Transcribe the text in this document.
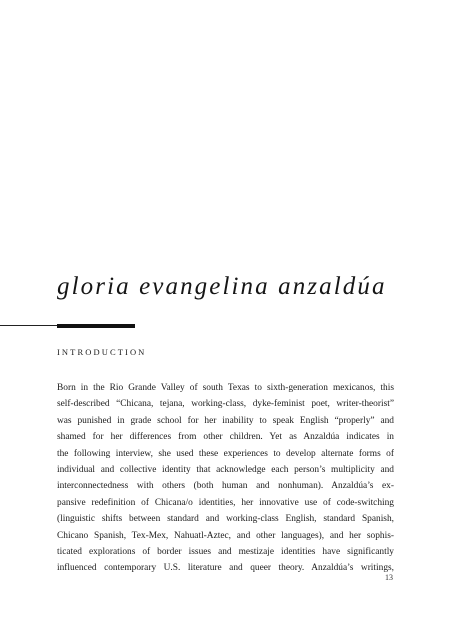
gloria evangelina anzaldúa
INTRODUCTION
Born in the Rio Grande Valley of south Texas to sixth-generation mexicanos, this
self-described “Chicana, tejana, working-class, dyke-feminist poet, writer-theorist”
was punished in grade school for her inability to speak English “properly” and
shamed for her differences from other children. Yet as Anzaldúa indicates in
the following interview, she used these experiences to develop alternate forms of
individual and collective identity that acknowledge each person’s multiplicity and
interconnectedness with others (both human and nonhuman). Anzaldúa’s ex-
pansive redefinition of Chicana/o identities, her innovative use of code-switching
(linguistic shifts between standard and working-class English, standard Spanish,
Chicano Spanish, Tex-Mex, Nahuatl-Aztec, and other languages), and her sophis-
ticated explorations of border issues and mestizaje identities have significantly
influenced contemporary U.S. literature and queer theory. Anzaldúa’s writings,
13
